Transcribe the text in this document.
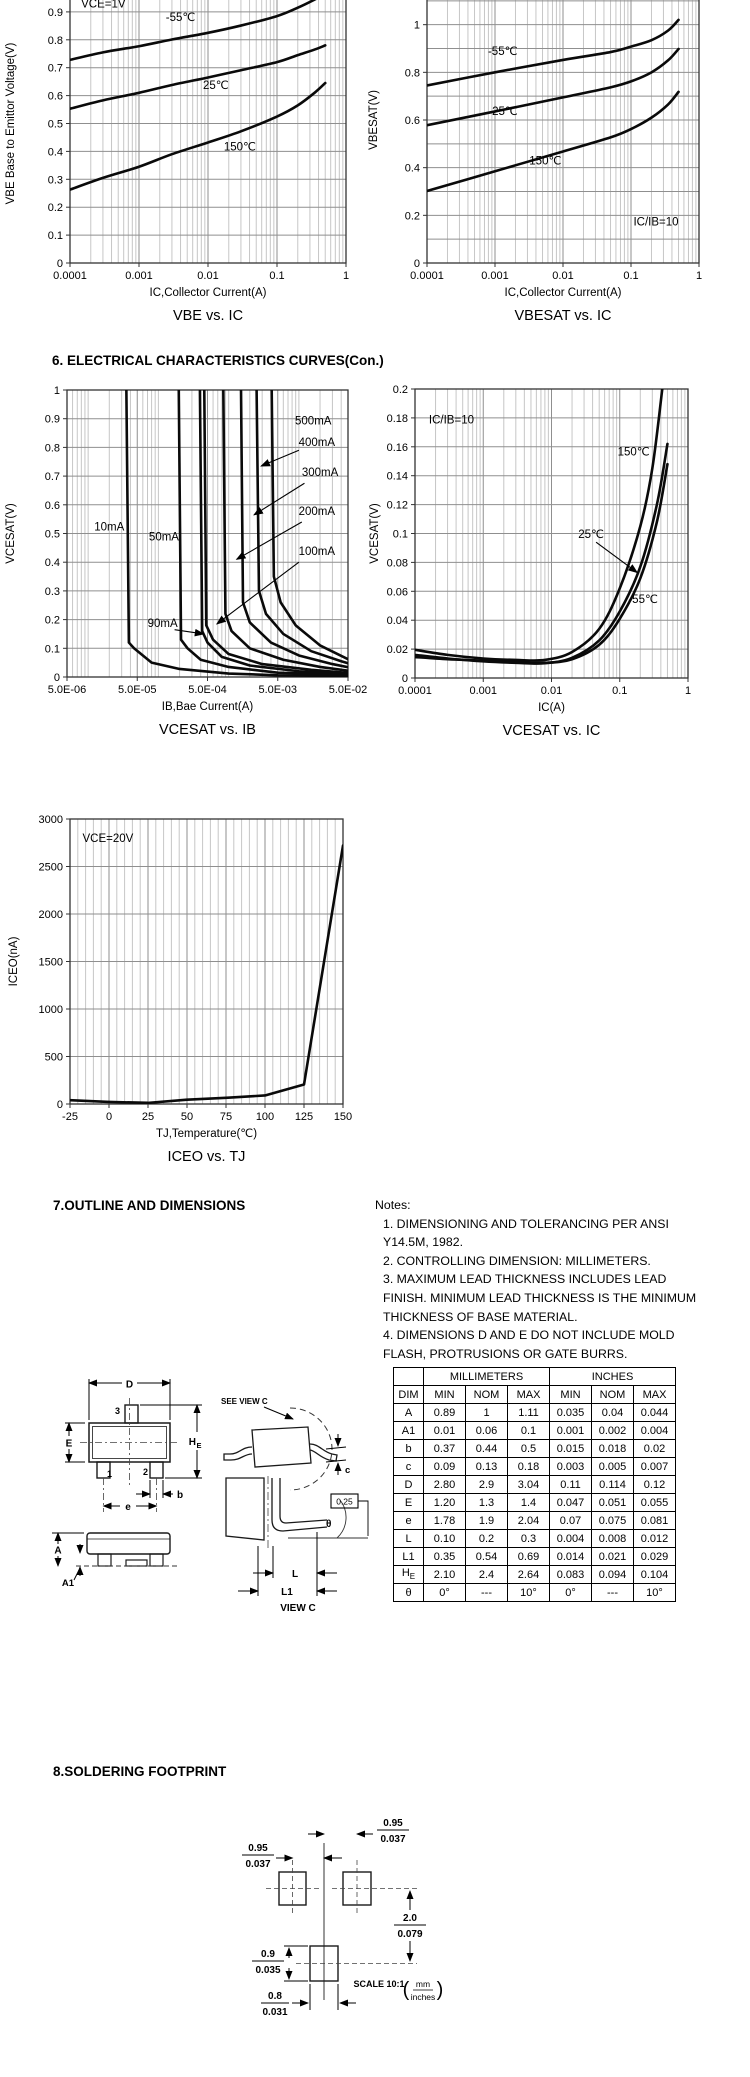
0
0.1
0.2
0.3
0.4
0.5
0.6
0.7
0.8
0.9
0.0001	0.001	0.01	0.1	1
VCE=1V
-55℃
25℃
150℃
VBE Base to Emittor Voltage(V)
IC,Collector Current(A)
VBE vs. IC
0
0.2
0.4
0.6
0.8
1
0.0001	0.001	0.01	0.1	1
-55℃
25℃
150℃
IC/IB=10
VBESAT(V)
IC,Collector Current(A)
VBESAT vs. IC
0
0.1
0.2
0.3
0.4
0.5
0.6
0.7
0.8
0.9
1
5.0E-06	5.0E-05	5.0E-04	5.0E-03	5.0E-02
10mA
50mA
90mA
100mA
200mA
300mA
400mA
500mA
VCESAT(V)
IB,Bae Current(A)
VCESAT vs. IB
0
0.02
0.04
0.06
0.08
0.1
0.12
0.14
0.16
0.18
0.2
0.0001	0.001	0.01	0.1	1
IC/IB=10
150℃
25℃
-55℃
VCESAT(V)
IC(A)
VCESAT vs. IC
0
500
1000
1500
2000
2500
3000
-25	0	25 50 75 100 125 150
VCE=20V
ICEO(nA)
TJ,Temperature(℃)
ICEO vs. TJ
6. ELECTRICAL CHARACTERISTICS CURVES(Con.)
7.OUTLINE AND DIMENSIONS
8.SOLDERING FOOTPRINT
Notes:
1. DIMENSIONING AND TOLERANCING PER ANSI
Y14.5M, 1982.
2. CONTROLLING DIMENSION: MILLIMETERS.
3. MAXIMUM LEAD THICKNESS INCLUDES LEAD
FINISH. MINIMUM LEAD THICKNESS IS THE MINIMUM
THICKNESS OF BASE MATERIAL.
4. DIMENSIONS D AND E DO NOT INCLUDE MOLD
FLASH, PROTRUSIONS OR GATE BURRS.
	MILLIMETERS			INCHES		
DIM	MIN	NOM	MAX	MIN	NOM	MAX
A	0.89	1	1.11	0.035	0.04	0.044
A1	0.01	0.06	0.1	0.001	0.002	0.004
b	0.37	0.44	0.5	0.015	0.018	0.02
c	0.09	0.13	0.18	0.003	0.005	0.007
D	2.80	2.9	3.04	0.11	0.114	0.12
E	1.20	1.3	1.4	0.047	0.051	0.055
e	1.78	1.9	2.04	0.07	0.075	0.081
L	0.10	0.2	0.3	0.004	0.008	0.012
L1	0.35	0.54	0.69	0.014	0.021	0.029
$H_E$	2.10	2.4	2.64	0.083	0.094	0.104
θ	0°	---	10°	0°	---	10°
D
E	H E
b
e
3
1	2
SEE VIEW C
c
0.25
θ
L
L1
VIEW C
A
A1
0.95
0.037
0.95
0.037
2.0
0.079
0.9
0.035
0.8
0.031
SCALE 10:1
( mm
inches )
